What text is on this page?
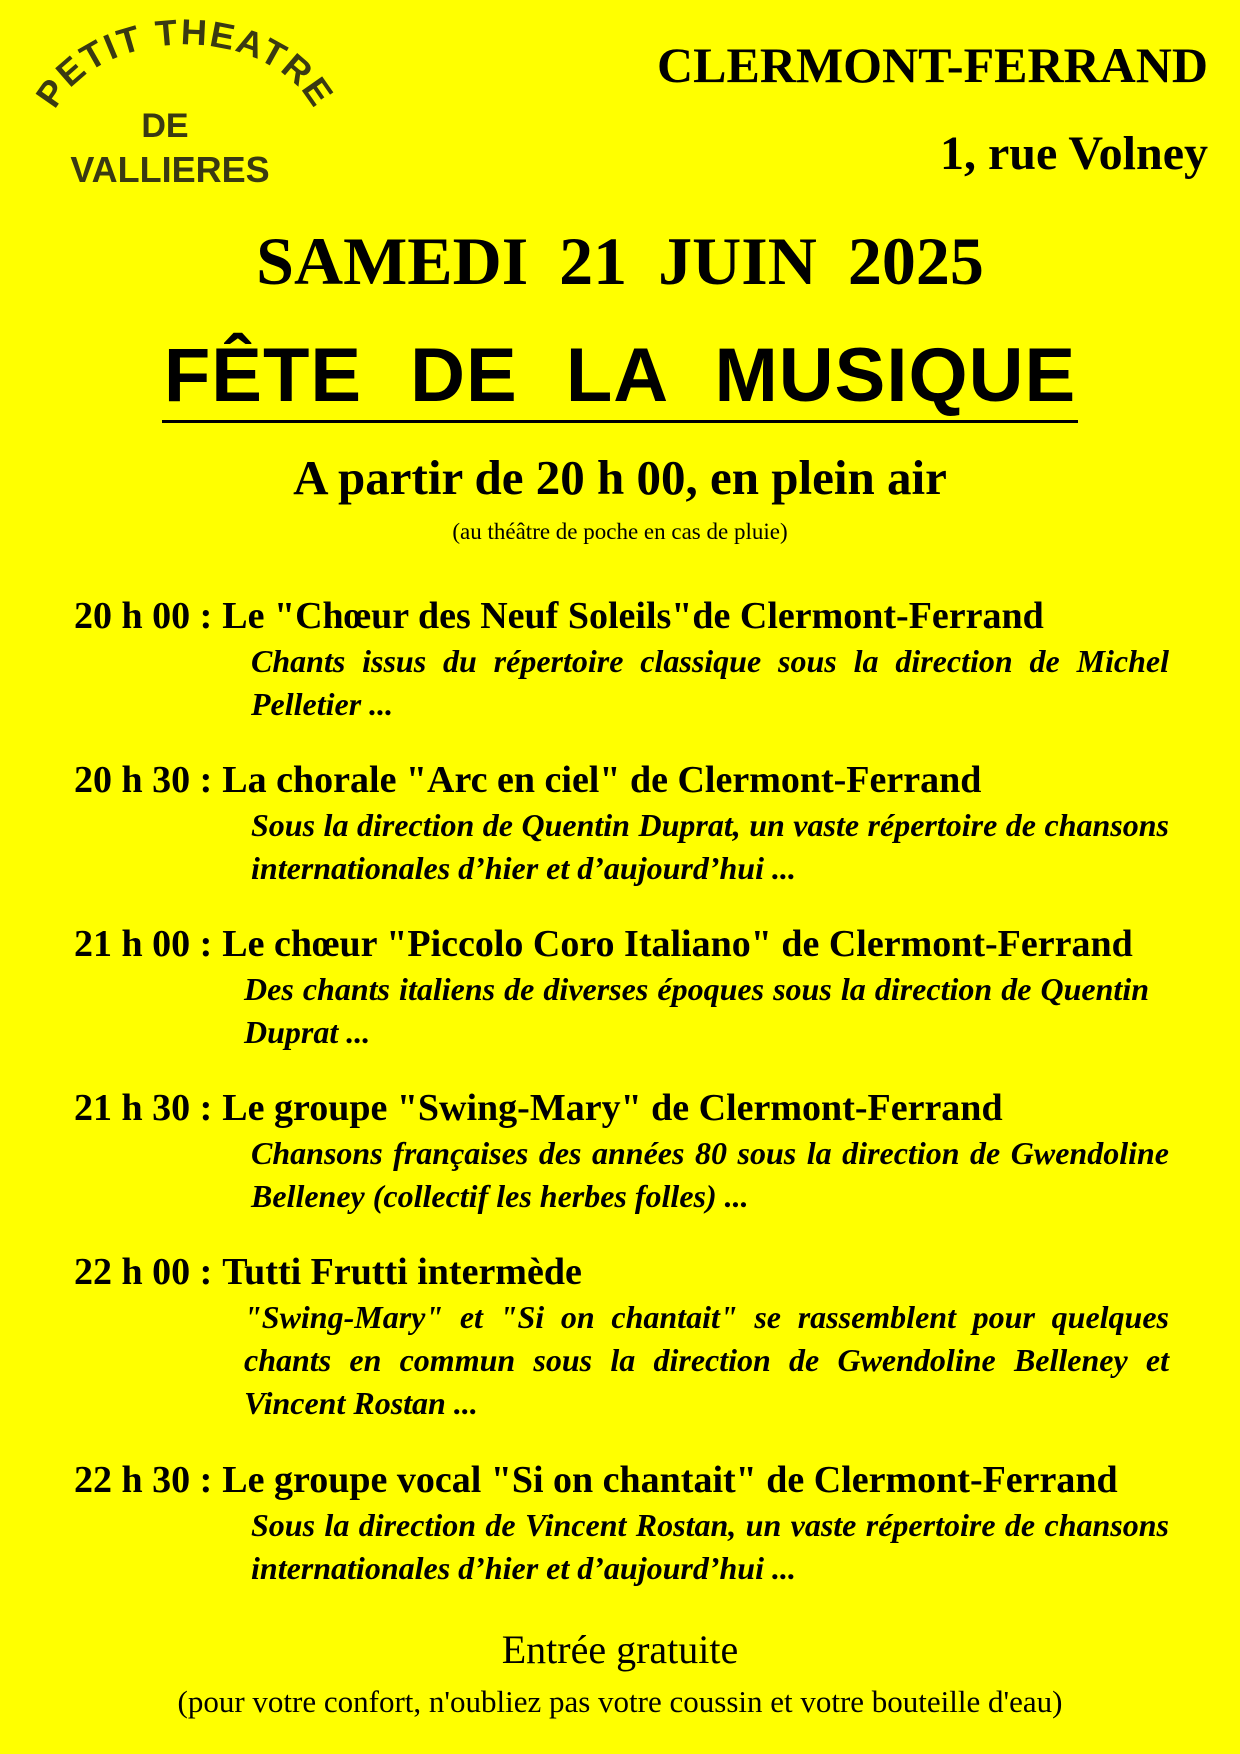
PETIT THEATRE
DE
VALLIERES
CLERMONT-FERRAND
1, rue Volney
SAMEDI 21 JUIN 2025
FÊTE DE LA MUSIQUE
A partir de 20 h 00, en plein air
(au théâtre de poche en cas de pluie)
20 h 00 : Le "Chœur des Neuf Soleils"de Clermont-Ferrand
Chants issus du répertoire classique sous la direction de Michel Pelletier ...
20 h 30 : La chorale "Arc en ciel" de Clermont-Ferrand
Sous la direction de Quentin Duprat, un vaste répertoire de chansons internationales d’hier et d’aujourd’hui ...
21 h 00 : Le chœur "Piccolo Coro Italiano" de Clermont-Ferrand
Des chants italiens de diverses époques sous la direction de Quentin Duprat ...
21 h 30 : Le groupe "Swing-Mary" de Clermont-Ferrand
Chansons françaises des années 80 sous la direction de Gwendoline Belleney (collectif les herbes folles) ...
22 h 00 : Tutti Frutti intermède
"Swing-Mary" et "Si on chantait" se rassemblent pour quelques chants en commun sous la direction de Gwendoline Belleney et Vincent Rostan ...
22 h 30 : Le groupe vocal "Si on chantait" de Clermont-Ferrand
Sous la direction de Vincent Rostan, un vaste répertoire de chansons internationales d’hier et d’aujourd’hui ...
Entrée gratuite
(pour votre confort, n'oubliez pas votre coussin et votre bouteille d'eau)
